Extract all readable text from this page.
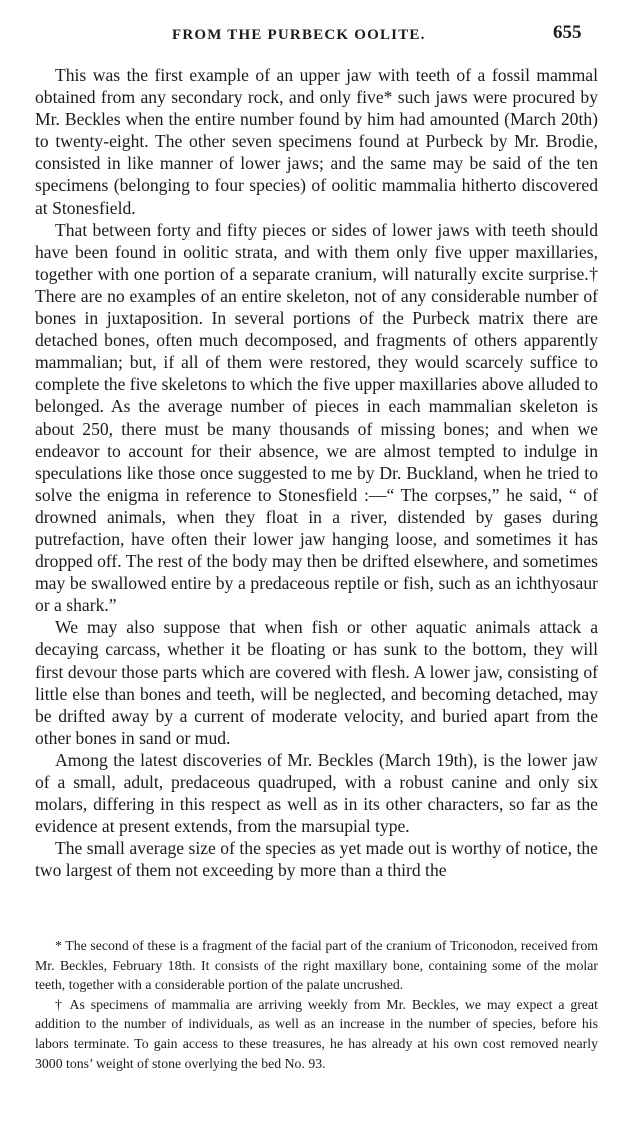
FROM THE PURBECK OOLITE.	655

This was the first example of an upper jaw with teeth of a fossil mammal obtained from any secondary rock, and only five* such jaws were procured by Mr. Beckles when the entire number found by him had amounted (March 20th) to twenty-eight. The other seven specimens found at Purbeck by Mr. Brodie, consisted in like manner of lower jaws; and the same may be said of the ten specimens (belonging to four species) of oolitic mammalia hitherto discovered at Stonesfield.

That between forty and fifty pieces or sides of lower jaws with teeth should have been found in oolitic strata, and with them only five upper maxillaries, together with one portion of a separate cranium, will naturally excite surprise.† There are no examples of an entire skeleton, not of any considerable number of bones in juxtaposition. In several portions of the Purbeck matrix there are detached bones, often much decomposed, and fragments of others apparently mammalian; but, if all of them were restored, they would scarcely suffice to complete the five skeletons to which the five upper maxillaries above alluded to belonged. As the average number of pieces in each mammalian skeleton is about 250, there must be many thousands of missing bones; and when we endeavor to account for their absence, we are almost tempted to indulge in speculations like those once suggested to me by Dr. Buckland, when he tried to solve the enigma in reference to Stonesfield :—“ The corpses,” he said, “ of drowned animals, when they float in a river, distended by gases during putrefaction, have often their lower jaw hanging loose, and sometimes it has dropped off. The rest of the body may then be drifted elsewhere, and sometimes may be swallowed entire by a predaceous reptile or fish, such as an ichthyosaur or a shark.”

We may also suppose that when fish or other aquatic animals attack a decaying carcass, whether it be floating or has sunk to the bottom, they will first devour those parts which are covered with flesh. A lower jaw, consisting of little else than bones and teeth, will be neglected, and becoming detached, may be drifted away by a current of moderate velocity, and buried apart from the other bones in sand or mud.

Among the latest discoveries of Mr. Beckles (March 19th), is the lower jaw of a small, adult, predaceous quadruped, with a robust canine and only six molars, differing in this respect as well as in its other characters, so far as the evidence at present extends, from the marsupial type.

The small average size of the species as yet made out is worthy of notice, the two largest of them not exceeding by more than a third the

* The second of these is a fragment of the facial part of the cranium of Triconodon, received from Mr. Beckles, February 18th. It consists of the right maxillary bone, containing some of the molar teeth, together with a considerable portion of the palate uncrushed.

† As specimens of mammalia are arriving weekly from Mr. Beckles, we may expect a great addition to the number of individuals, as well as an increase in the number of species, before his labors terminate. To gain access to these treasures, he has already at his own cost removed nearly 3000 tons’ weight of stone overlying the bed No. 93.
